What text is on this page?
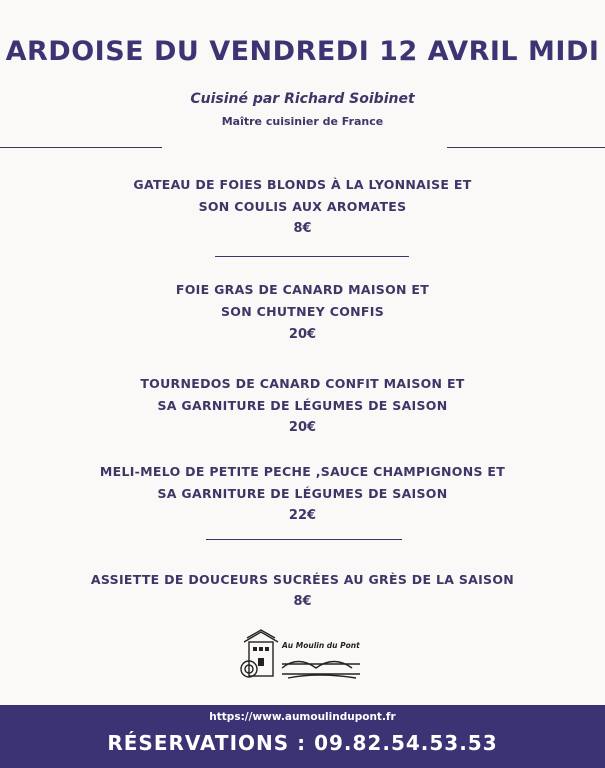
ARDOISE DU VENDREDI 12 AVRIL MIDI
Cuisiné par Richard Soibinet
Maître cuisinier de France
GATEAU DE FOIES BLONDS À LA LYONNAISE ET
SON COULIS AUX AROMATES
8€
FOIE GRAS DE CANARD MAISON ET
SON CHUTNEY CONFIS
20€
TOURNEDOS DE CANARD CONFIT MAISON ET
SA GARNITURE DE LÉGUMES DE SAISON
20€
MELI-MELO DE PETITE PECHE ,SAUCE CHAMPIGNONS ET
SA GARNITURE DE LÉGUMES DE SAISON
22€
ASSIETTE DE DOUCEURS SUCRÉES AU GRÈS DE LA SAISON
8€
Au Moulin du Pont
https://www.aumoulindupont.fr
RÉSERVATIONS : 09.82.54.53.53
